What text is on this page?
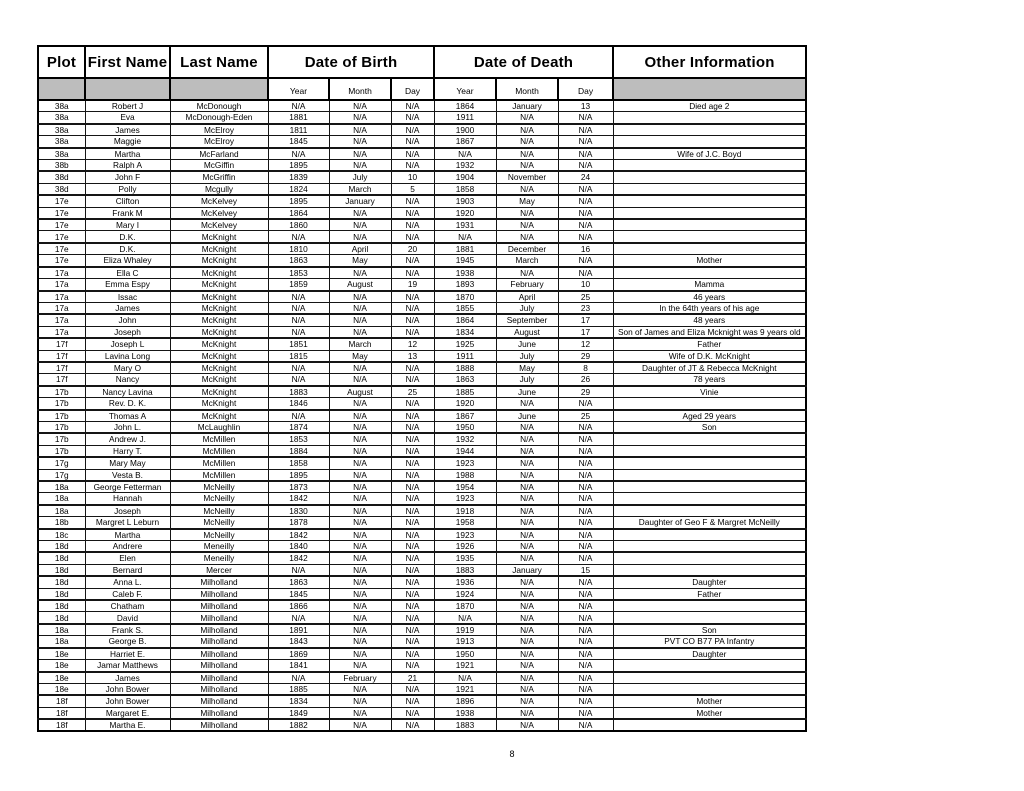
Plot	First Name	Last Name	Date of Birth			Date of Death			Other Information
			Year	Month	Day	Year	Month	Day	
38a	Robert J	McDonough	N/A	N/A	N/A	1864	January	13	Died age 2
38a	Eva	McDonough-Eden	1881	N/A	N/A	1911	N/A	N/A	
38a	James	McElroy	1811	N/A	N/A	1900	N/A	N/A	
38a	Maggie	McElroy	1845	N/A	N/A	1867	N/A	N/A	
38a	Martha	McFarland	N/A	N/A	N/A	N/A	N/A	N/A	Wife of J.C. Boyd
38b	Ralph A	McGiffin	1895	N/A	N/A	1932	N/A	N/A	
38d	John F	McGriffin	1839	July	10	1904	November	24	
38d	Polly	Mcgully	1824	March	5	1858	N/A	N/A	
17e	Clifton	McKelvey	1895	January	N/A	1903	May	N/A	
17e	Frank M	McKelvey	1864	N/A	N/A	1920	N/A	N/A	
17e	Mary I	McKelvey	1860	N/A	N/A	1931	N/A	N/A	
17e	D.K.	McKnight	N/A	N/A	N/A	N/A	N/A	N/A	
17e	D.K.	McKnight	1810	April	20	1881	December	16	
17e	Eliza Whaley	McKnight	1863	May	N/A	1945	March	N/A	Mother
17a	Ella C	McKnight	1853	N/A	N/A	1938	N/A	N/A	
17a	Emma Espy	McKnight	1859	August	19	1893	February	10	Mamma
17a	Issac	McKnight	N/A	N/A	N/A	1870	April	25	46 years
17a	James	McKnight	N/A	N/A	N/A	1855	July	23	In the 64th years of his age
17a	John	McKnight	N/A	N/A	N/A	1864	September	17	48 years
17a	Joseph	McKnight	N/A	N/A	N/A	1834	August	17	Son of James and Eliza Mcknight was 9 years old
17f	Joseph L	McKnight	1851	March	12	1925	June	12	Father
17f	Lavina Long	McKnight	1815	May	13	1911	July	29	Wife of D.K. McKnight
17f	Mary O	McKnight	N/A	N/A	N/A	1888	May	8	Daughter of JT & Rebecca McKnight
17f	Nancy	McKnight	N/A	N/A	N/A	1863	July	26	78 years
17b	Nancy Lavina	McKnight	1883	August	25	1885	June	29	Vinie
17b	Rev. D. K.	McKnight	1846	N/A	N/A	1920	N/A	N/A	
17b	Thomas A	McKnight	N/A	N/A	N/A	1867	June	25	Aged 29 years
17b	John L.	McLaughlin	1874	N/A	N/A	1950	N/A	N/A	Son
17b	Andrew J.	McMillen	1853	N/A	N/A	1932	N/A	N/A	
17b	Harry T.	McMillen	1884	N/A	N/A	1944	N/A	N/A	
17g	Mary May	McMillen	1858	N/A	N/A	1923	N/A	N/A	
17g	Vesta B.	McMillen	1895	N/A	N/A	1988	N/A	N/A	
18a	George Fetterman	McNeilly	1873	N/A	N/A	1954	N/A	N/A	
18a	Hannah	McNeilly	1842	N/A	N/A	1923	N/A	N/A	
18a	Joseph	McNeilly	1830	N/A	N/A	1918	N/A	N/A	
18b	Margret L Leburn	McNeilly	1878	N/A	N/A	1958	N/A	N/A	Daughter of Geo F & Margret McNeilly
18c	Martha	McNeilly	1842	N/A	N/A	1923	N/A	N/A	
18d	Andrere	Meneilly	1840	N/A	N/A	1926	N/A	N/A	
18d	Elen	Meneilly	1842	N/A	N/A	1935	N/A	N/A	
18d	Bernard	Mercer	N/A	N/A	N/A	1883	January	15	
18d	Anna L.	Milholland	1863	N/A	N/A	1936	N/A	N/A	Daughter
18d	Caleb F.	Milholland	1845	N/A	N/A	1924	N/A	N/A	Father
18d	Chatham	Milholland	1866	N/A	N/A	1870	N/A	N/A	
18d	David	Milholland	N/A	N/A	N/A	N/A	N/A	N/A	
18a	Frank S.	Milholland	1891	N/A	N/A	1919	N/A	N/A	Son
18a	George B.	Milholland	1843	N/A	N/A	1913	N/A	N/A	PVT CO B77 PA Infantry
18e	Harriet E.	Milholland	1869	N/A	N/A	1950	N/A	N/A	Daughter
18e	Jamar Matthews	Milholland	1841	N/A	N/A	1921	N/A	N/A	
18e	James	Milholland	N/A	February	21	N/A	N/A	N/A	
18e	John Bower	Milholland	1885	N/A	N/A	1921	N/A	N/A	
18f	John Bower	Milholland	1834	N/A	N/A	1896	N/A	N/A	Mother
18f	Margaret E.	Milholland	1849	N/A	N/A	1938	N/A	N/A	Mother
18f	Martha E.	Milholland	1882	N/A	N/A	1883	N/A	N/A	
8
